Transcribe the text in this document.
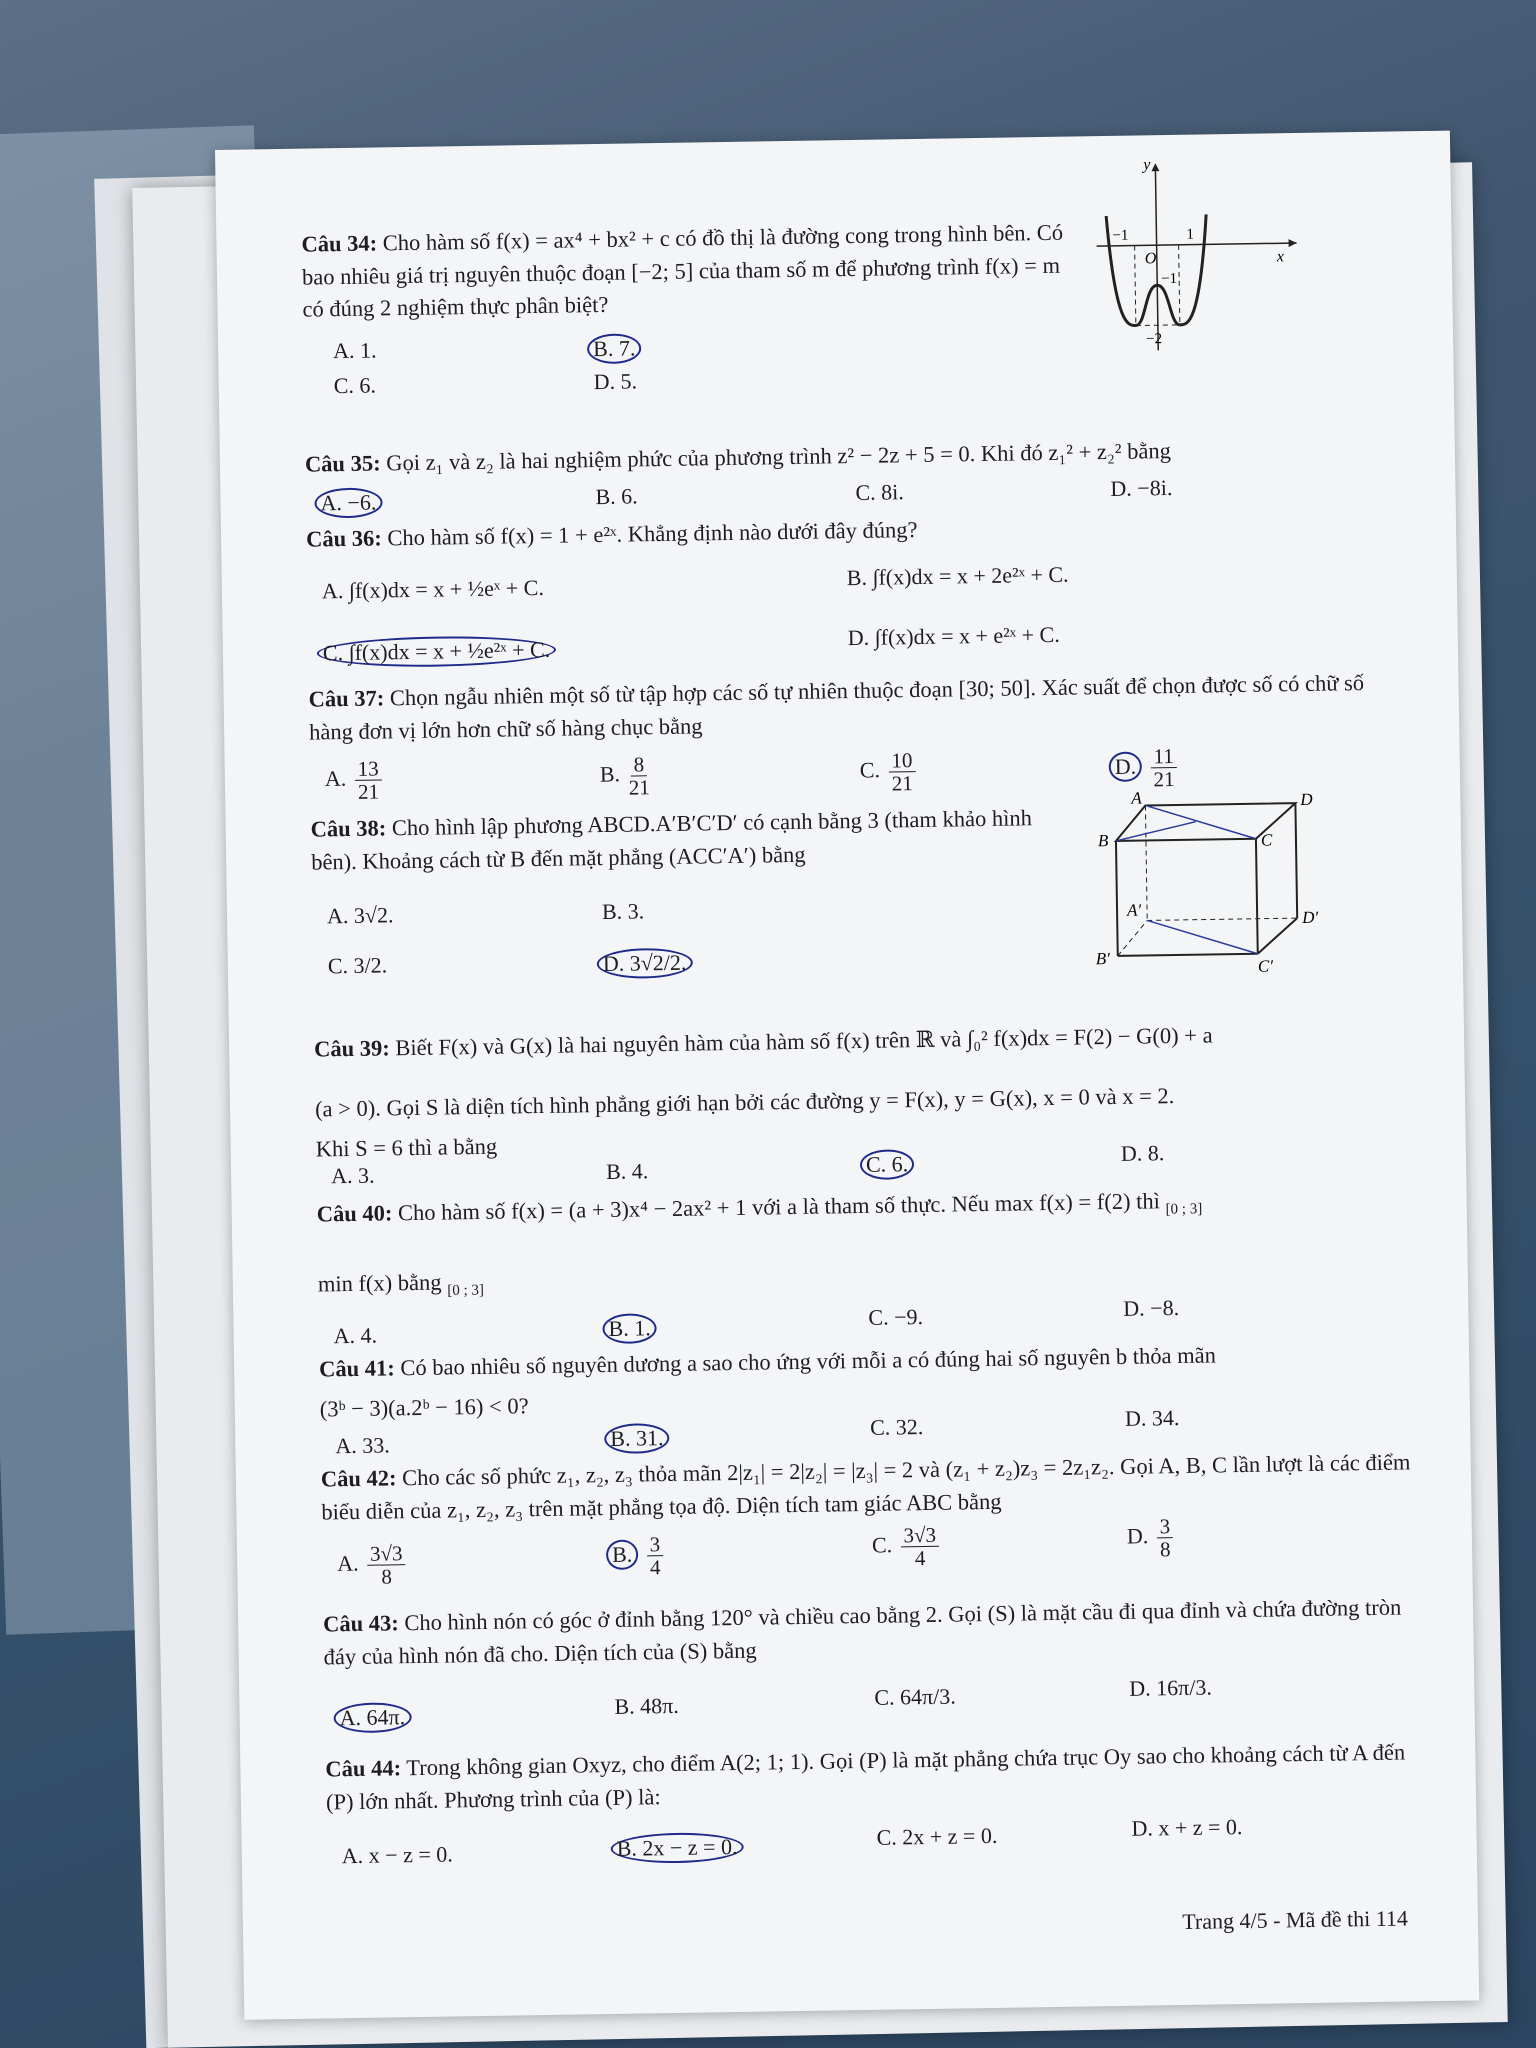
Câu 34: Cho hàm số f(x) = ax⁴ + bx² + c có đồ thị là đường cong trong hình bên. Có bao nhiêu giá trị nguyên thuộc đoạn [−2; 5] của tham số m để phương trình f(x) = m có đúng 2 nghiệm thực phân biệt?
A. 1.	B. 7.
C. 6.	D. 5.
y
x
O
−1	1
−1
−2
Câu 35: Gọi z₁ và z₂ là hai nghiệm phức của phương trình z² − 2z + 5 = 0. Khi đó z₁² + z₂² bằng
A. −6.	B. 6.	C. 8i.	D. −8i.
Câu 36: Cho hàm số f(x) = 1 + e²ˣ. Khẳng định nào dưới đây đúng?
A. ∫f(x)dx = x + ½eˣ + C.	B. ∫f(x)dx = x + 2e²ˣ + C.
C. ∫f(x)dx = x + ½e²ˣ + C.
D. ∫f(x)dx = x + e²ˣ + C.
Câu 37: Chọn ngẫu nhiên một số từ tập hợp các số tự nhiên thuộc đoạn [30; 50]. Xác suất để chọn được số có chữ số hàng đơn vị lớn hơn chữ số hàng chục bằng
A. $\frac{13}{21}$	B. $\frac{8}{21}$	C. $\frac{10}{21}$	D. $\frac{11}{21}$
Câu 38: Cho hình lập phương ABCD.A′B′C′D′ có cạnh bằng 3 (tham khảo hình bên). Khoảng cách từ B đến mặt phẳng (ACC′A′) bằng
A. 3√2.	B. 3.
C. 3/2.	D. 3√2/2.
A	D
B	C
A′	D′
B′	C′
Câu 39: Biết F(x) và G(x) là hai nguyên hàm của hàm số f(x) trên ℝ và ∫₀² f(x)dx = F(2) − G(0) + a
(a > 0). Gọi S là diện tích hình phẳng giới hạn bởi các đường y = F(x), y = G(x), x = 0 và x = 2.
Khi S = 6 thì a bằng
A. 3.	B. 4.	C. 6.	D. 8.
Câu 40: Cho hàm số f(x) = (a + 3)x⁴ − 2ax² + 1 với a là tham số thực. Nếu max f(x) = f(2) thì $_{[0 ; 3]}$
min f(x) bằng $_{[0 ; 3]}$
A. 4.	B. 1.	C. −9.	D. −8.
Câu 41: Có bao nhiêu số nguyên dương a sao cho ứng với mỗi a có đúng hai số nguyên b thỏa mãn
(3ᵇ − 3)(a.2ᵇ − 16) < 0?
A. 33.	B. 31.	C. 32.	D. 34.
Câu 42: Cho các số phức z₁, z₂, z₃ thỏa mãn 2|z₁| = 2|z₂| = |z₃| = 2 và (z₁ + z₂)z₃ = 2z₁z₂. Gọi A, B, C lần lượt là các điểm biểu diễn của z₁, z₂, z₃ trên mặt phẳng tọa độ. Diện tích tam giác ABC bằng
A. $\frac{3√3}{8}$	B. $\frac{3}{4}$	C. $\frac{3√3}{4}$	D. $\frac{3}{8}$
Câu 43: Cho hình nón có góc ở đỉnh bằng 120° và chiều cao bằng 2. Gọi (S) là mặt cầu đi qua đỉnh và chứa đường tròn đáy của hình nón đã cho. Diện tích của (S) bằng
A. 64π.	B. 48π.	C. 64π/3.	D. 16π/3.
Câu 44: Trong không gian Oxyz, cho điểm A(2; 1; 1). Gọi (P) là mặt phẳng chứa trục Oy sao cho khoảng cách từ A đến (P) lớn nhất. Phương trình của (P) là:
A. x − z = 0.	B. 2x − z = 0.	C. 2x + z = 0.	D. x + z = 0.
Trang 4/5 - Mã đề thi 114
